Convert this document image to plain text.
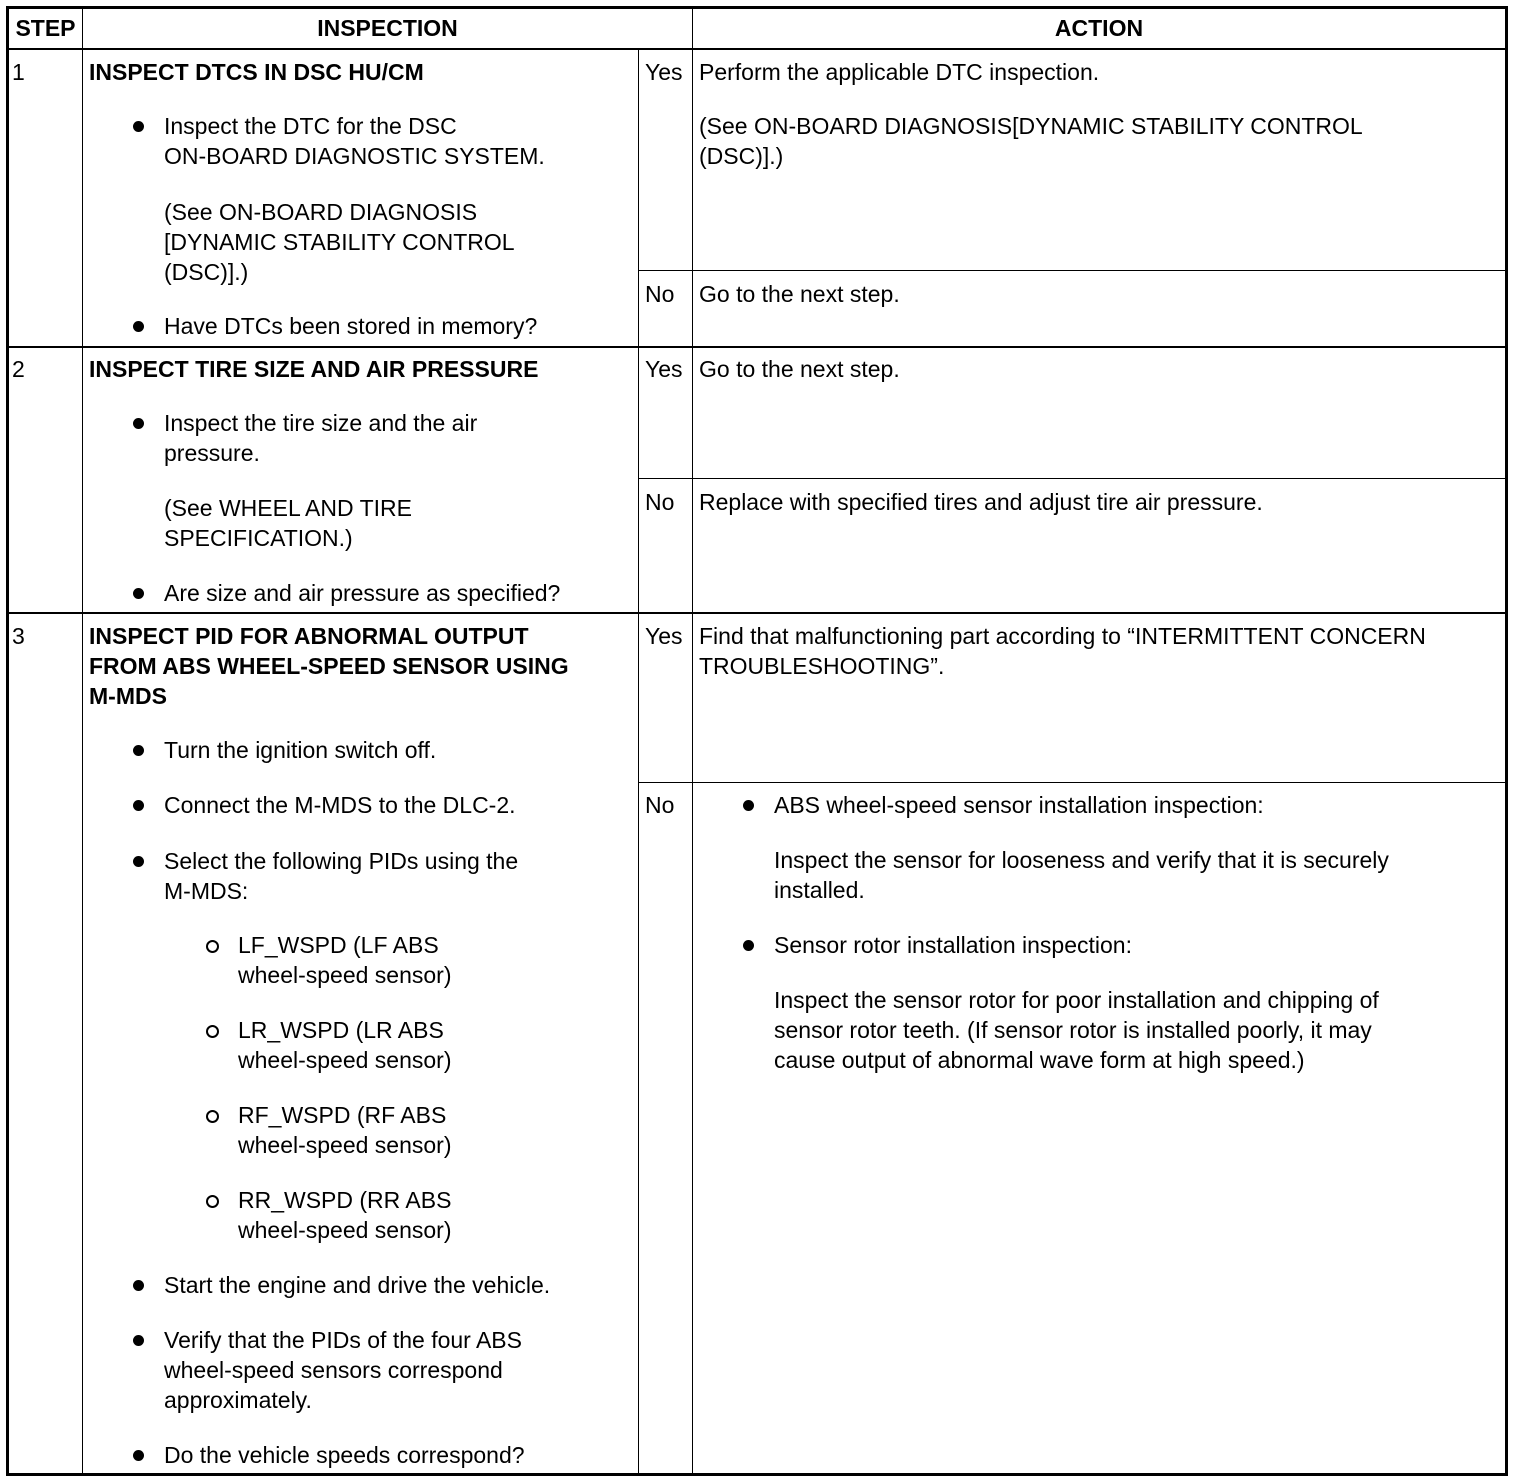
STEP	INSPECTION	ACTION
1	INSPECT DTCS IN DSC HU/CM
Inspect the DTC for the DSC
ON-BOARD DIAGNOSTIC SYSTEM.
(See ON-BOARD DIAGNOSIS
[DYNAMIC STABILITY CONTROL
(DSC)].)
Have DTCs been stored in memory?
Yes Perform the applicable DTC inspection.
(See ON-BOARD DIAGNOSIS[DYNAMIC STABILITY CONTROL
(DSC)].)
No Go to the next step.
2	INSPECT TIRE SIZE AND AIR PRESSURE
Inspect the tire size and the air
pressure.
(See WHEEL AND TIRE
SPECIFICATION.)
Are size and air pressure as specified?
Yes Go to the next step.
No Replace with specified tires and adjust tire air pressure.
3	INSPECT PID FOR ABNORMAL OUTPUT
FROM ABS WHEEL-SPEED SENSOR USING
M-MDS
Turn the ignition switch off.
Connect the M-MDS to the DLC-2.
Select the following PIDs using the
M-MDS:
LF_WSPD (LF ABS
wheel-speed sensor)
LR_WSPD (LR ABS
wheel-speed sensor)
RF_WSPD (RF ABS
wheel-speed sensor)
RR_WSPD (RR ABS
wheel-speed sensor)
Start the engine and drive the vehicle.
Verify that the PIDs of the four ABS
wheel-speed sensors correspond
approximately.
Do the vehicle speeds correspond?
Yes Find that malfunctioning part according to “INTERMITTENT CONCERN
TROUBLESHOOTING”.
No	ABS wheel-speed sensor installation inspection:
Inspect the sensor for looseness and verify that it is securely
installed.
Sensor rotor installation inspection:
Inspect the sensor rotor for poor installation and chipping of
sensor rotor teeth. (If sensor rotor is installed poorly, it may
cause output of abnormal wave form at high speed.)
